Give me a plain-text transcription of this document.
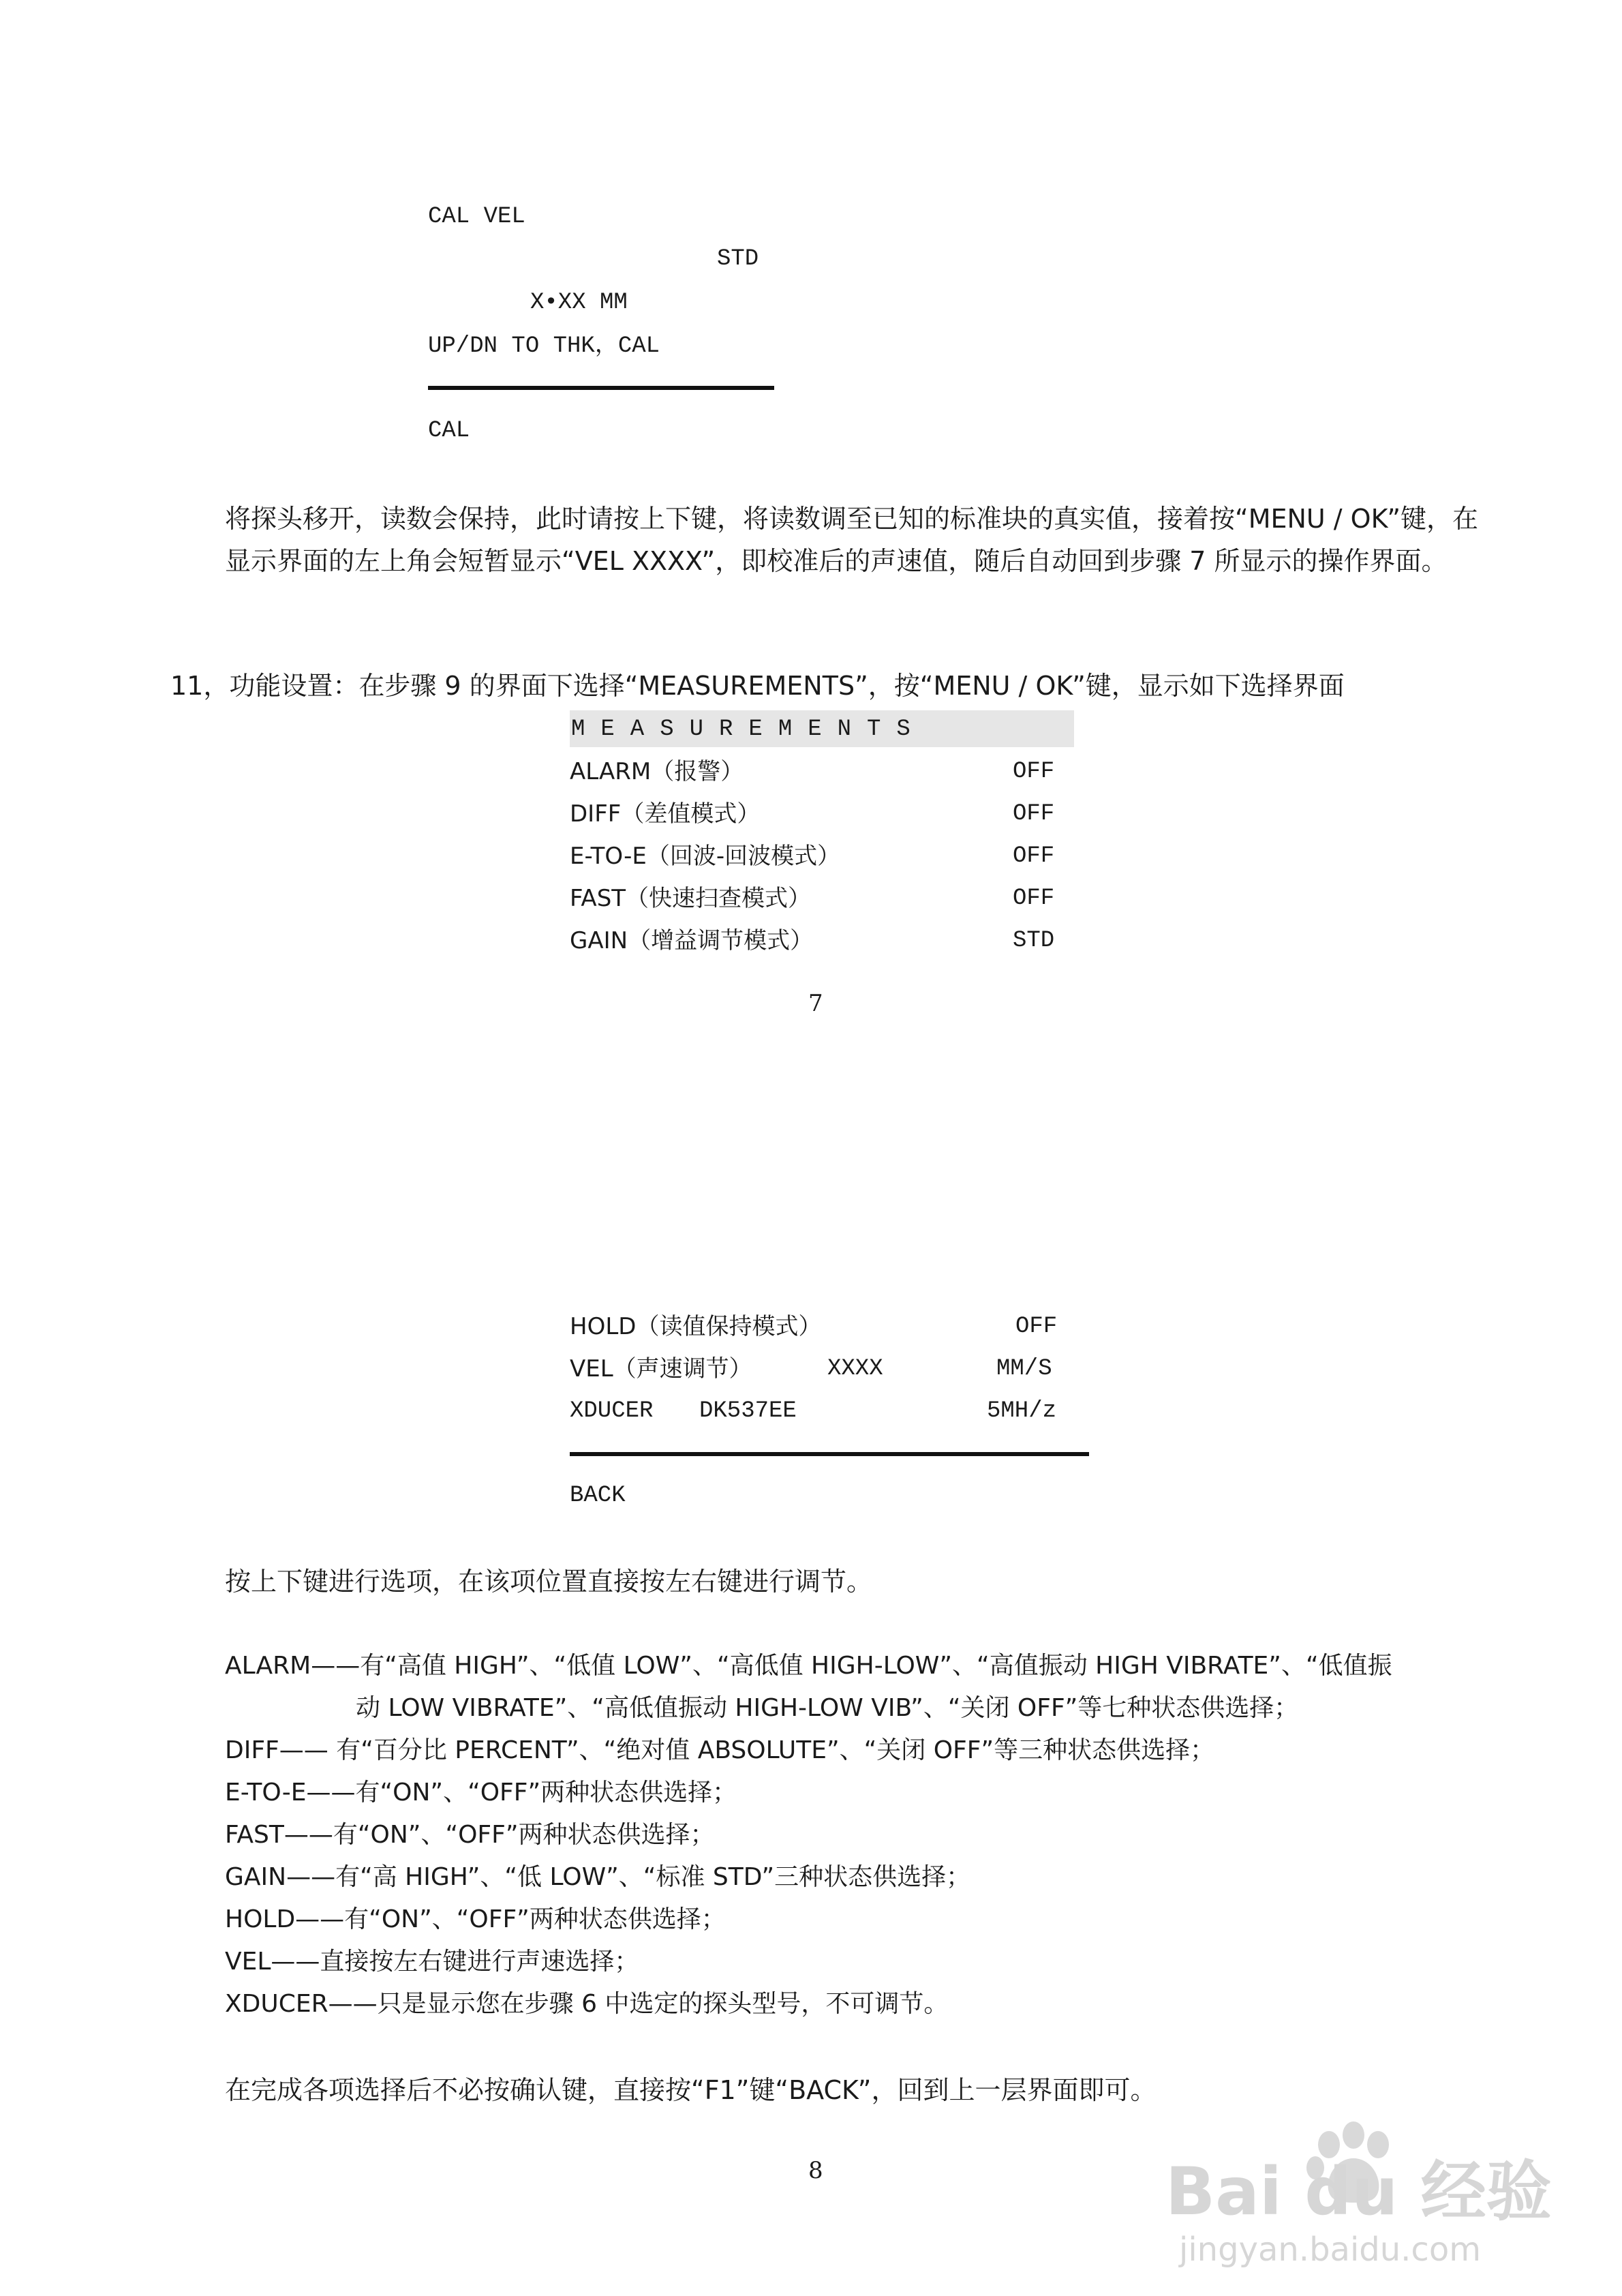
CAL VEL
STD
X•XX MM
UP/DN TO THK，CAL
CAL
将探头移开，读数会保持，此时请按上下键，将读数调至已知的标准块的真实值，接着按“MENU / OK”键，在显示界面的左上角会短暂显示“VEL XXXX”，即校准后的声速值，随后自动回到步骤 7 所显示的操作界面。
11，功能设置：在步骤 9 的界面下选择“MEASUREMENTS”，按“MENU / OK”键，显示如下选择界面
MEASUREMENTS
ALARM（报警）	OFF
DIFF（差值模式）	OFF
E-TO-E（回波-回波模式）	OFF
FAST（快速扫查模式）	OFF
GAIN（增益调节模式）	STD
7
HOLD（读值保持模式）	OFF
VEL（声速调节）	XXXX	MM/S
XDUCER DK537EE	5MH/z
BACK
按上下键进行选项，在该项位置直接按左右键进行调节。
ALARM——有“高值 HIGH”、“低值 LOW”、“高低值 HIGH-LOW”、“高值振动 HIGH VIBRATE”、“低值振
动 LOW VIBRATE”、“高低值振动 HIGH-LOW VIB”、“关闭 OFF”等七种状态供选择；
DIFF—— 有“百分比 PERCENT”、“绝对值 ABSOLUTE”、“关闭 OFF”等三种状态供选择；
E-TO-E——有“ON”、“OFF”两种状态供选择；
FAST——有“ON”、“OFF”两种状态供选择；
GAIN——有“高 HIGH”、“低 LOW”、“标准 STD”三种状态供选择；
HOLD——有“ON”、“OFF”两种状态供选择；
VEL——直接按左右键进行声速选择；
XDUCER——只是显示您在步骤 6 中选定的探头型号，不可调节。
在完成各项选择后不必按确认键，直接按“F1”键“BACK”，回到上一层界面即可。
8	Bai du 经验
jingyan.baidu.com
